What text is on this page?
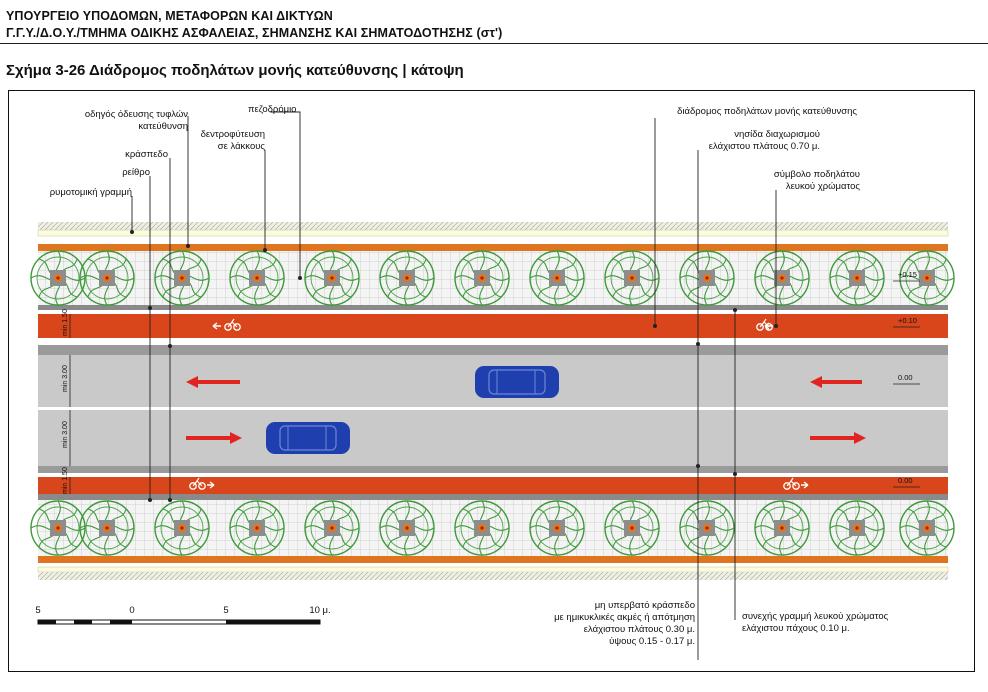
ΥΠΟΥΡΓΕΙΟ ΥΠΟΔΟΜΩΝ, ΜΕΤΑΦΟΡΩΝ ΚΑΙ ΔΙΚΤΥΩΝ
Γ.Γ.Υ./Δ.Ο.Υ./ΤΜΗΜΑ ΟΔΙΚΗΣ ΑΣΦΑΛΕΙΑΣ, ΣΗΜΑΝΣΗΣ ΚΑΙ ΣΗΜΑΤΟΔΟΤΗΣΗΣ (στ')
Σχήμα 3-26 Διάδρομος ποδηλάτων μονής κατεύθυνσης | κάτοψη
οδηγός όδευσης τυφλών
κατεύθυνση
πεζοδρόμιο
δεντροφύτευση
σε λάκκους
κράσπεδο
ρείθρο
ρυμοτομική γραμμή
διάδρομος ποδηλάτων μονής κατεύθυνσης
νησίδα διαχωρισμού
ελάχιστου πλάτους 0.70 μ.
σύμβολο ποδηλάτου
λευκού χρώματος
μη υπερβατό κράσπεδο
με ημικυκλικές ακμές ή απότμηση
ελάχιστου πλάτους 0.30 μ.
ύψους 0.15 - 0.17 μ.
συνεχής γραμμή λευκού χρώματος
ελάχιστου πάχους 0.10 μ.
min 1.50
min 3.00
min 3.00
min 1.50
+0.15
+0.10
0.00
0.00
5	0	5	10 μ.
